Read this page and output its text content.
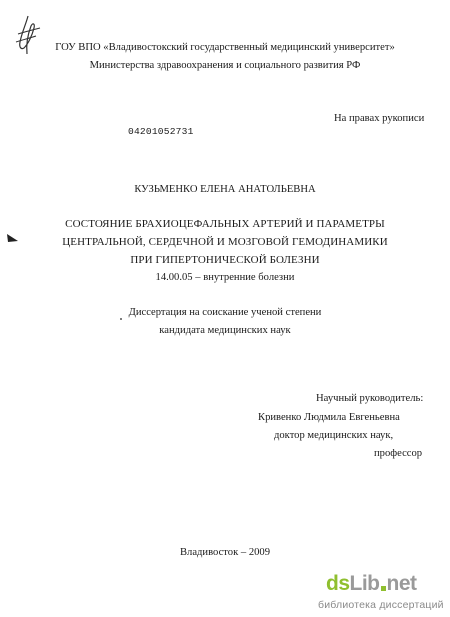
ГОУ ВПО «Владивостокский государственный медицинский университет»
Министерства здравоохранения и социального развития РФ
На правах рукописи
04201052731
КУЗЬМЕНКО ЕЛЕНА АНАТОЛЬЕВНА
СОСТОЯНИЕ БРАХИОЦЕФАЛЬНЫХ АРТЕРИЙ И ПАРАМЕТРЫ
ЦЕНТРАЛЬНОЙ, СЕРДЕЧНОЙ И МОЗГОВОЙ ГЕМОДИНАМИКИ
ПРИ ГИПЕРТОНИЧЕСКОЙ БОЛЕЗНИ
14.00.05 – внутренние болезни
Диссертация на соискание ученой степени
кандидата медицинских наук
Научный руководитель:
Кривенко Людмила Евгеньевна
доктор медицинских наук,
профессор
Владивосток – 2009
ds Lib net
библиотека диссертаций
